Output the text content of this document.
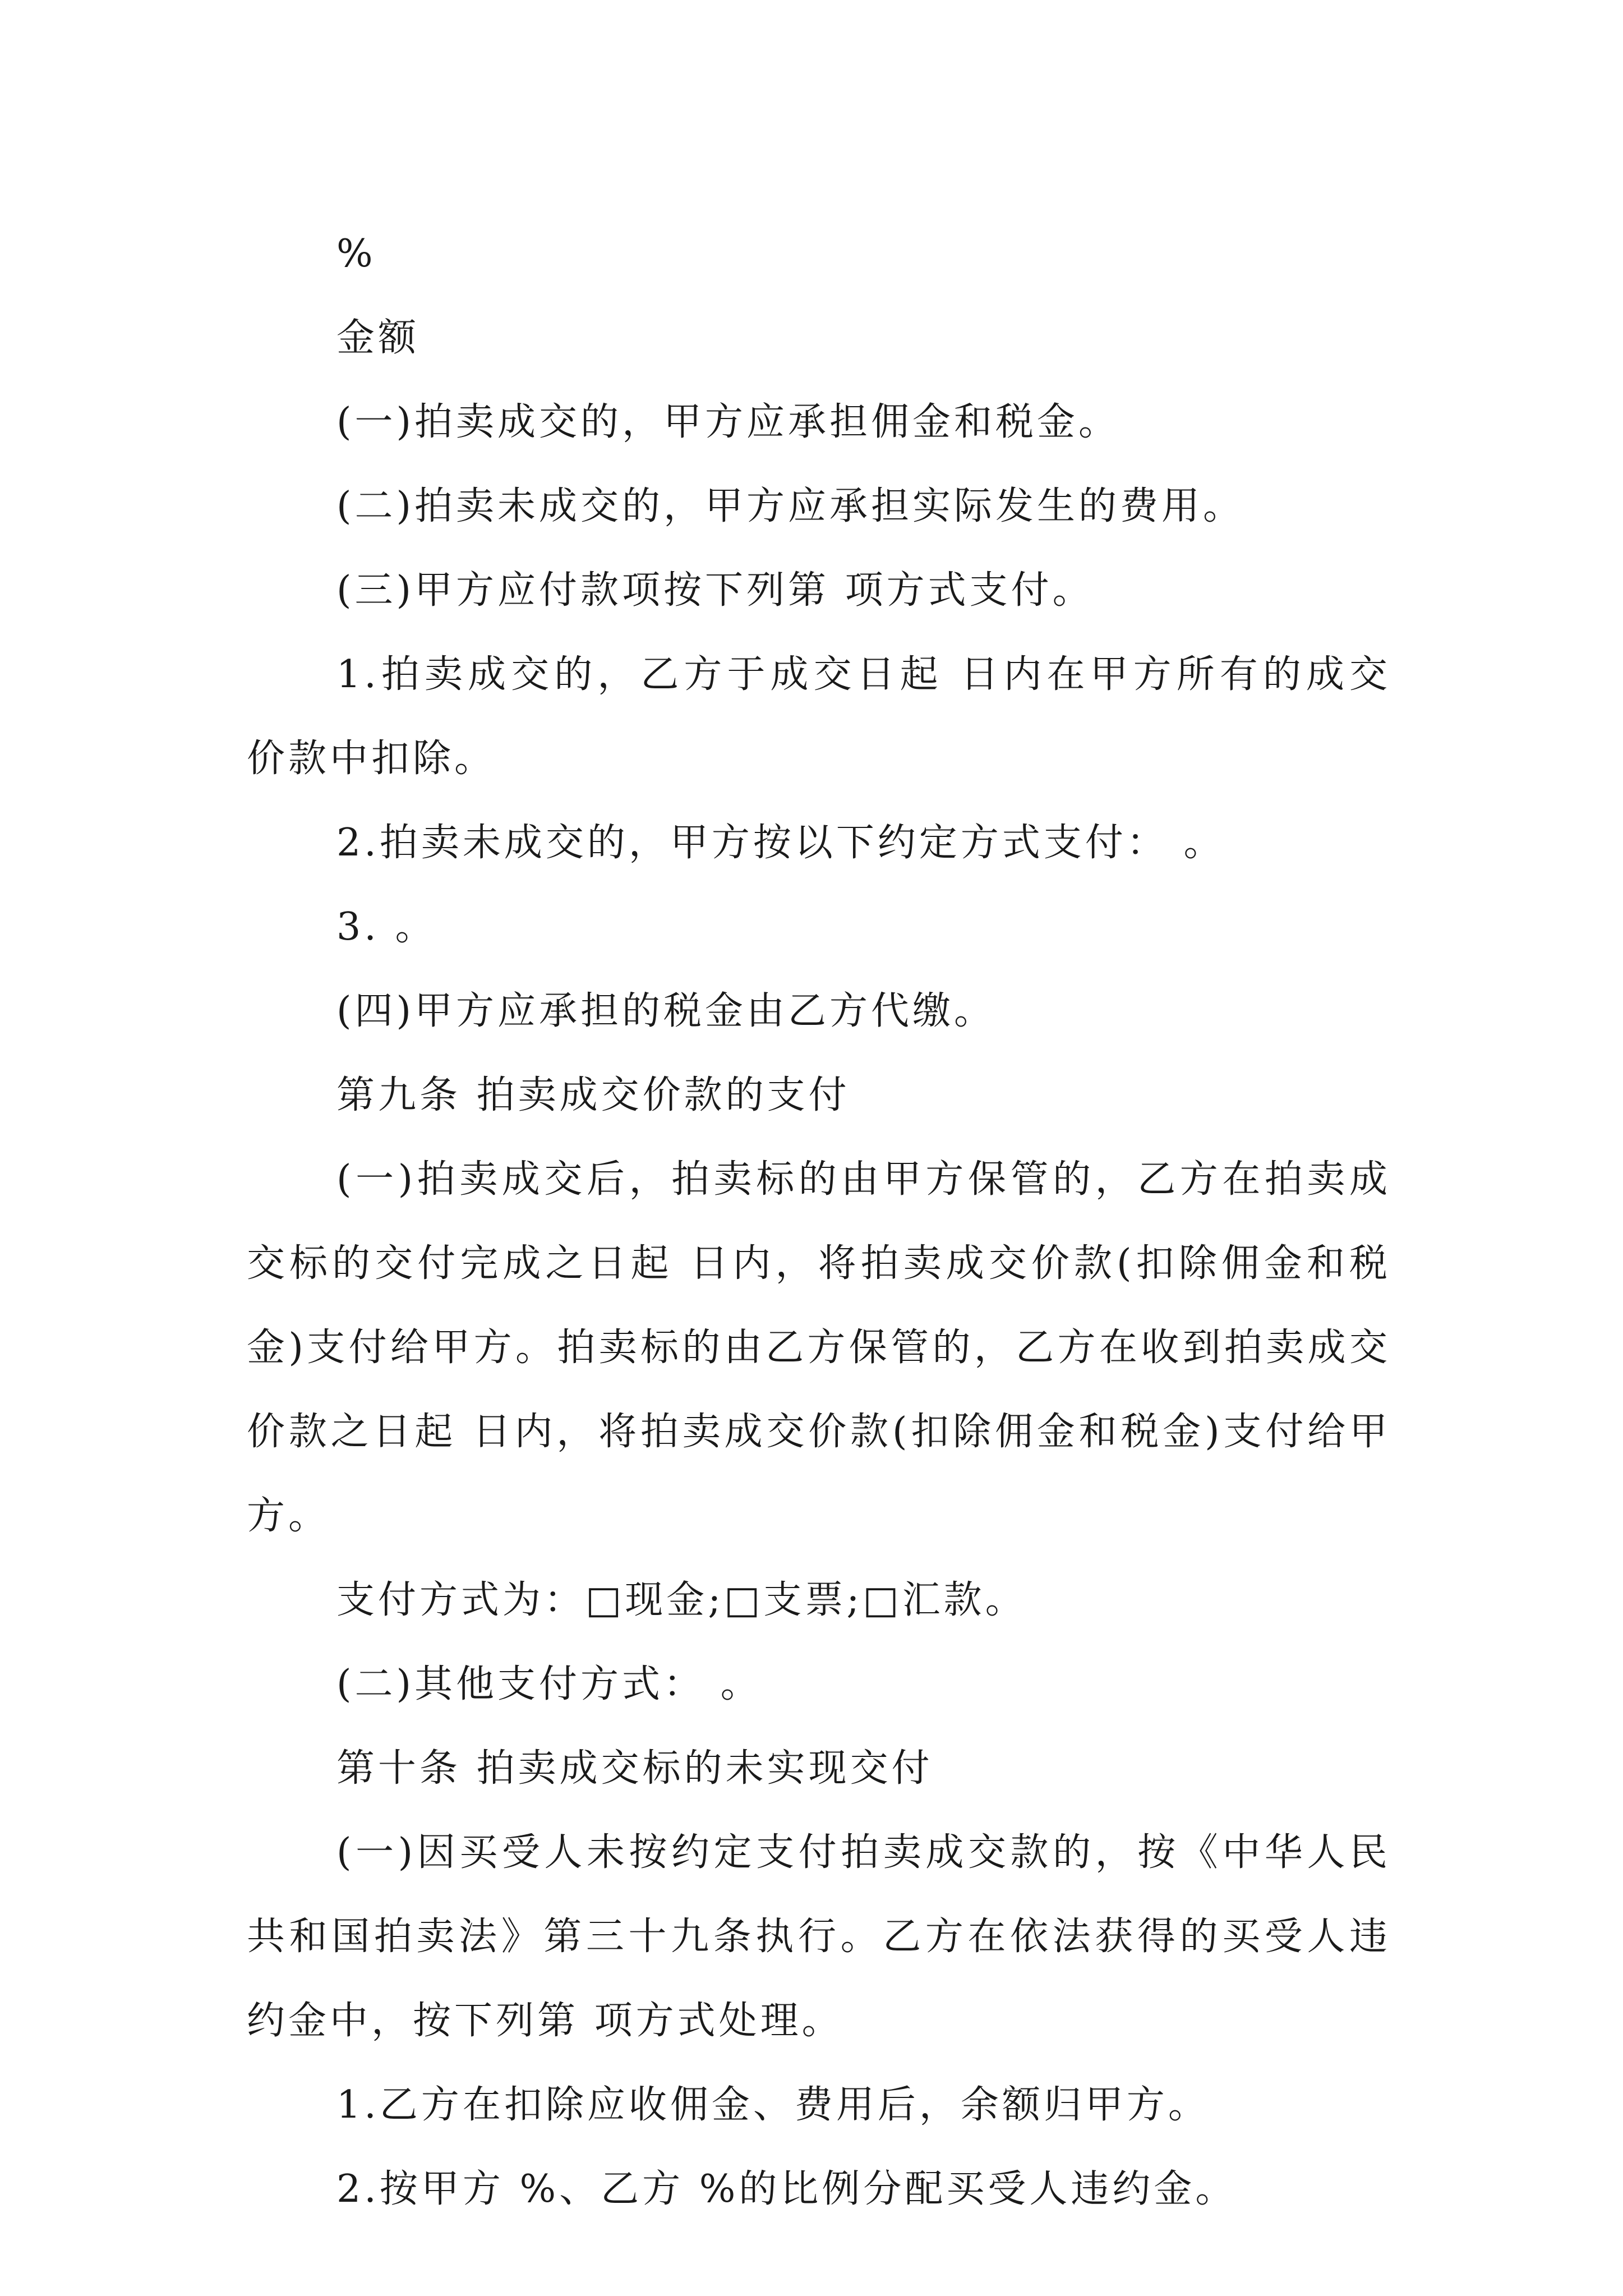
%

金额

(一)拍卖成交的，甲方应承担佣金和税金。

(二)拍卖未成交的，甲方应承担实际发生的费用。

(三)甲方应付款项按下列第 项方式支付。

1.拍卖成交的，乙方于成交日起 日内在甲方所有的成交价款中扣除。

2.拍卖未成交的，甲方按以下约定方式支付： 。

3. 。

(四)甲方应承担的税金由乙方代缴。

第九条 拍卖成交价款的支付

(一)拍卖成交后，拍卖标的由甲方保管的，乙方在拍卖成交标的交付完成之日起 日内，将拍卖成交价款(扣除佣金和税金)支付给甲方。拍卖标的由乙方保管的，乙方在收到拍卖成交价款之日起 日内，将拍卖成交价款(扣除佣金和税金)支付给甲方。

支付方式为：□现金;□支票;□汇款。

(二)其他支付方式： 。

第十条 拍卖成交标的未实现交付

(一)因买受人未按约定支付拍卖成交款的，按《中华人民共和国拍卖法》第三十九条执行。乙方在依法获得的买受人违约金中，按下列第 项方式处理。

1.乙方在扣除应收佣金、费用后，余额归甲方。

2.按甲方 %、乙方 %的比例分配买受人违约金。
